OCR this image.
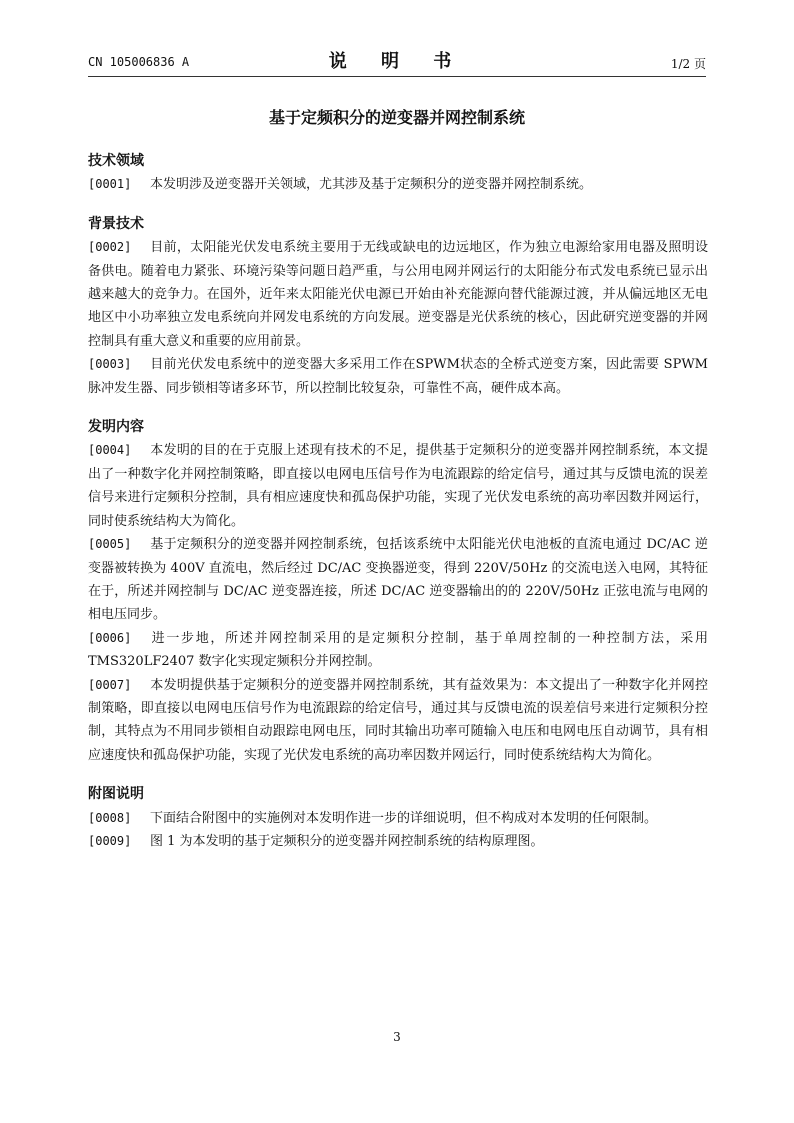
CN 105006836 A	说 明 书	1/2 页
基于定频积分的逆变器并网控制系统
技术领域
[0001] 本发明涉及逆变器开关领域，尤其涉及基于定频积分的逆变器并网控制系统。
背景技术
[0002] 目前，太阳能光伏发电系统主要用于无线或缺电的边远地区，作为独立电源给家用电器及照明设备供电。随着电力紧张、环境污染等问题日趋严重，与公用电网并网运行的太阳能分布式发电系统已显示出越来越大的竞争力。在国外，近年来太阳能光伏电源已开始由补充能源向替代能源过渡，并从偏远地区无电地区中小功率独立发电系统向并网发电系统的方向发展。逆变器是光伏系统的核心，因此研究逆变器的并网控制具有重大意义和重要的应用前景。
[0003] 目前光伏发电系统中的逆变器大多采用工作在SPWM状态的全桥式逆变方案，因此需要 SPWM 脉冲发生器、同步锁相等诸多环节，所以控制比较复杂，可靠性不高，硬件成本高。
发明内容
[0004] 本发明的目的在于克服上述现有技术的不足，提供基于定频积分的逆变器并网控制系统，本文提出了一种数字化并网控制策略，即直接以电网电压信号作为电流跟踪的给定信号，通过其与反馈电流的误差信号来进行定频积分控制，具有相应速度快和孤岛保护功能，实现了光伏发电系统的高功率因数并网运行，同时使系统结构大为简化。
[0005] 基于定频积分的逆变器并网控制系统，包括该系统中太阳能光伏电池板的直流电通过 DC/AC 逆变器被转换为 400V 直流电，然后经过 DC/AC 变换器逆变，得到 220V/50Hz 的交流电送入电网，其特征在于，所述并网控制与 DC/AC 逆变器连接，所述 DC/AC 逆变器输出的的 220V/50Hz 正弦电流与电网的相电压同步。
[0006] 进一步地，所述并网控制采用的是定频积分控制，基于单周控制的一种控制方法，采用 TMS320LF2407 数字化实现定频积分并网控制。
[0007] 本发明提供基于定频积分的逆变器并网控制系统，其有益效果为：本文提出了一种数字化并网控制策略，即直接以电网电压信号作为电流跟踪的给定信号，通过其与反馈电流的误差信号来进行定频积分控制，其特点为不用同步锁相自动跟踪电网电压，同时其输出功率可随输入电压和电网电压自动调节，具有相应速度快和孤岛保护功能，实现了光伏发电系统的高功率因数并网运行，同时使系统结构大为简化。
附图说明
[0008] 下面结合附图中的实施例对本发明作进一步的详细说明，但不构成对本发明的任何限制。
[0009] 图 1 为本发明的基于定频积分的逆变器并网控制系统的结构原理图。
3
